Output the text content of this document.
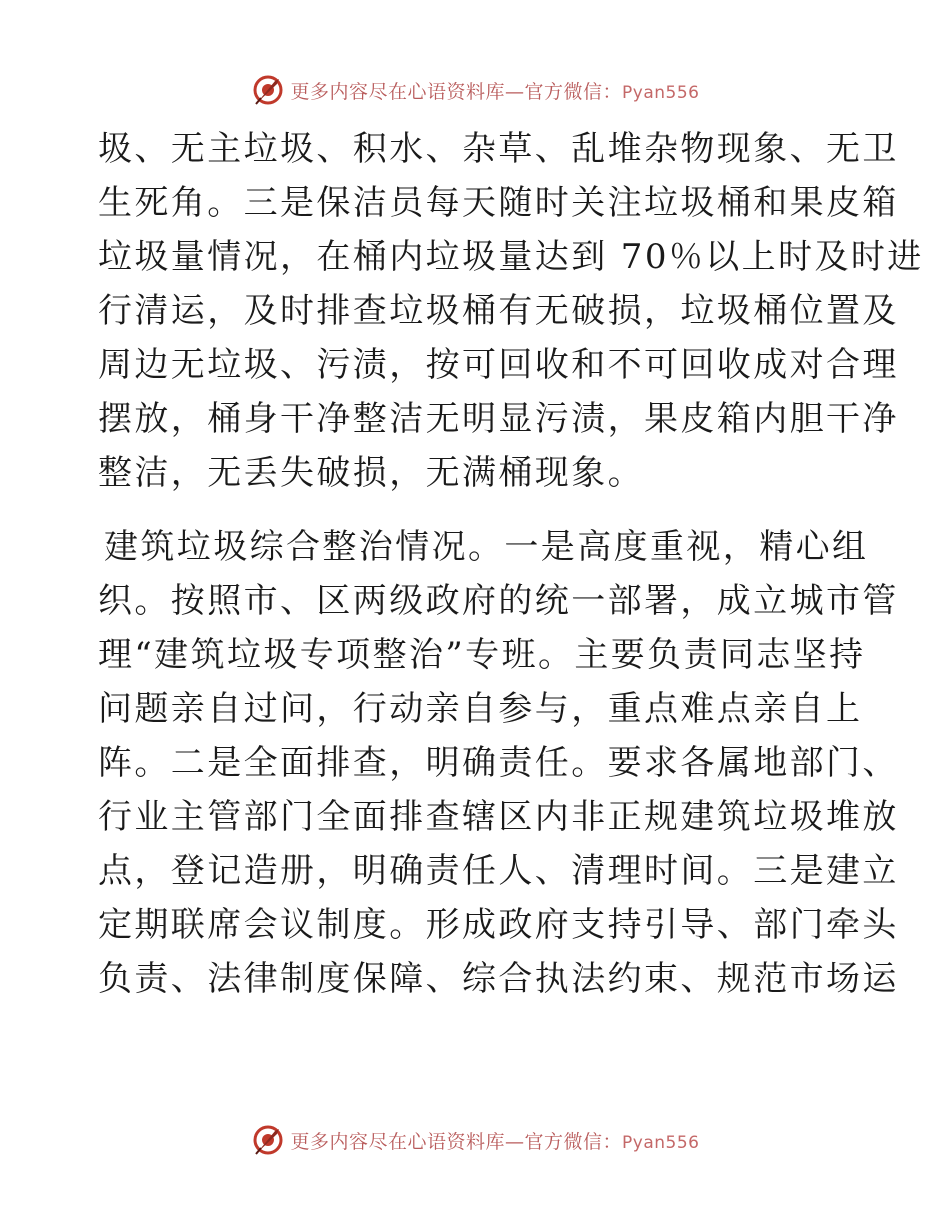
更多内容尽在心语资料库—官方微信：Pyan556

圾、无主垃圾、积水、杂草、乱堆杂物现象、无卫

生死角。三是保洁员每天随时关注垃圾桶和果皮箱

垃圾量情况，在桶内垃圾量达到 70％以上时及时进

行清运，及时排查垃圾桶有无破损，垃圾桶位置及

周边无垃圾、污渍，按可回收和不可回收成对合理

摆放，桶身干净整洁无明显污渍，果皮箱内胆干净

整洁，无丢失破损，无满桶现象。

建筑垃圾综合整治情况。一是高度重视，精心组

织。按照市、区两级政府的统一部署，成立城市管

理“建筑垃圾专项整治”专班。主要负责同志坚持

问题亲自过问，行动亲自参与，重点难点亲自上

阵。二是全面排查，明确责任。要求各属地部门、

行业主管部门全面排查辖区内非正规建筑垃圾堆放

点，登记造册，明确责任人、清理时间。三是建立

定期联席会议制度。形成政府支持引导、部门牵头

负责、法律制度保障、综合执法约束、规范市场运

更多内容尽在心语资料库—官方微信：Pyan556
